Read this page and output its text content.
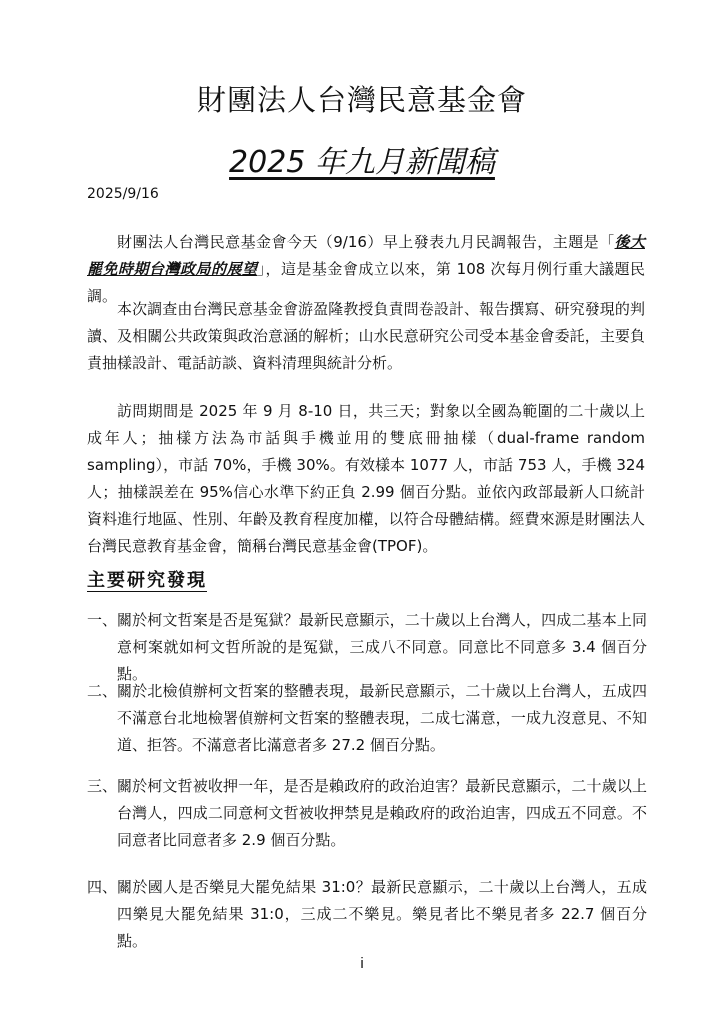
財團法人台灣民意基金會
2025 年九月新聞稿
2025/9/16

財團法人台灣民意基金會今天（9/16）早上發表九月民調報告，主題是「後大罷免時期台灣政局的展望」，這是基金會成立以來，第 108 次每月例行重大議題民調。

本次調查由台灣民意基金會游盈隆教授負責問卷設計、報告撰寫、研究發現的判讀、及相關公共政策與政治意涵的解析；山水民意研究公司受本基金會委託，主要負責抽樣設計、電話訪談、資料清理與統計分析。

訪問期間是 2025 年 9 月 8-10 日，共三天；對象以全國為範圍的二十歲以上成年人；抽樣方法為市話與手機並用的雙底冊抽樣（dual-frame random sampling），市話 70%，手機 30%。有效樣本 1077 人，市話 753 人，手機 324 人；抽樣誤差在 95%信心水準下約正負 2.99 個百分點。並依內政部最新人口統計資料進行地區、性別、年齡及教育程度加權，以符合母體結構。經費來源是財團法人台灣民意教育基金會，簡稱台灣民意基金會(TPOF)。

主要研究發現
一、 關於柯文哲案是否是冤獄？最新民意顯示，二十歲以上台灣人，四成二基本上同意柯案就如柯文哲所說的是冤獄，三成八不同意。同意比不同意多 3.4 個百分點。
二、 關於北檢偵辦柯文哲案的整體表現，最新民意顯示，二十歲以上台灣人，五成四不滿意台北地檢署偵辦柯文哲案的整體表現，二成七滿意，一成九沒意見、不知道、拒答。不滿意者比滿意者多 27.2 個百分點。
三、 關於柯文哲被收押一年，是否是賴政府的政治迫害？最新民意顯示，二十歲以上台灣人，四成二同意柯文哲被收押禁見是賴政府的政治迫害，四成五不同意。不同意者比同意者多 2.9 個百分點。
四、 關於國人是否樂見大罷免結果 31:0？最新民意顯示，二十歲以上台灣人，五成四樂見大罷免結果 31:0，三成二不樂見。樂見者比不樂見者多 22.7 個百分點。
i
